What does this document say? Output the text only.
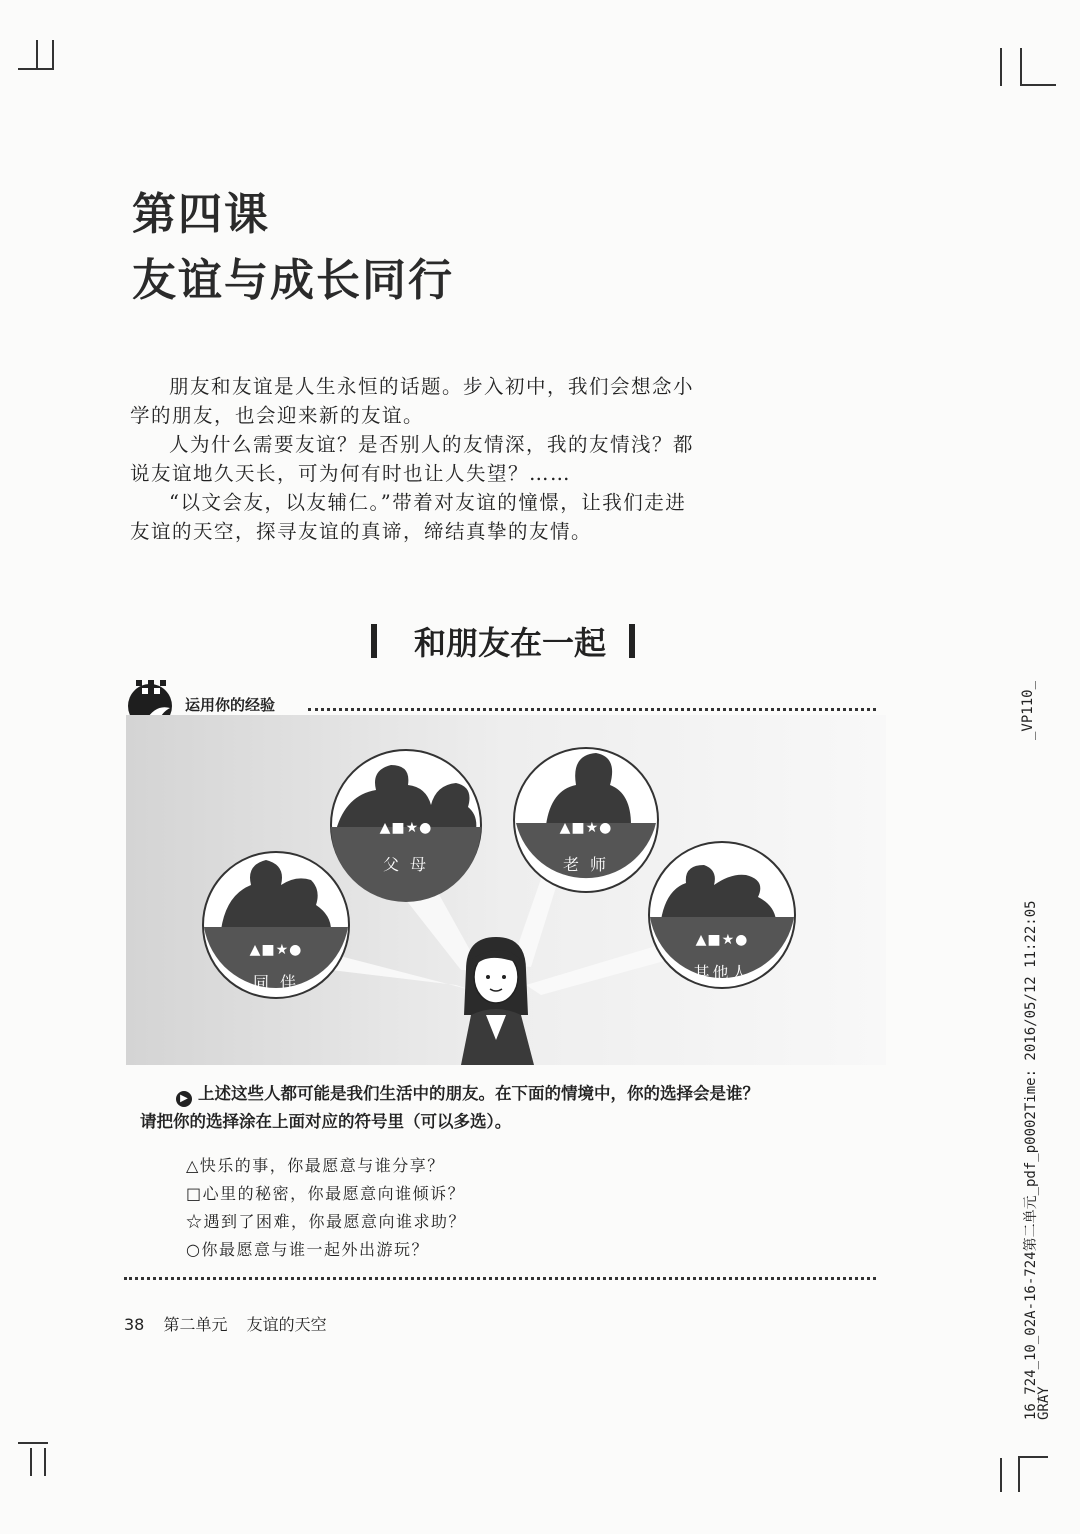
第四课
友谊与成长同行

朋友和友谊是人生永恒的话题。步入初中，我们会想念小学的朋友，也会迎来新的友谊。

人为什么需要友谊？是否别人的友情深，我的友情浅？都说友谊地久天长，可为何有时也让人失望？……

“以文会友，以友辅仁。”带着对友谊的憧憬，让我们走进友谊的天空，探寻友谊的真谛，缔结真挚的友情。

和朋友在一起
运用你的经验
▲■★●
父 母
▲■★●
老 师
▲■★●
同 伴
▲■★●
其他人
▶ 上述这些人都可能是我们生活中的朋友。在下面的情境中，你的选择会是谁？
请把你的选择涂在上面对应的符号里（可以多选）。
△快乐的事，你最愿意与谁分享？
□心里的秘密，你最愿意向谁倾诉？
☆遇到了困难，你最愿意向谁求助？
○你最愿意与谁一起外出游玩？
38 第二单元 友谊的天空
_VP110_
16_724_10_02A-16-724第二单元_pdf_p0002Time: 2016/05/12 11:22:05
GRAY
